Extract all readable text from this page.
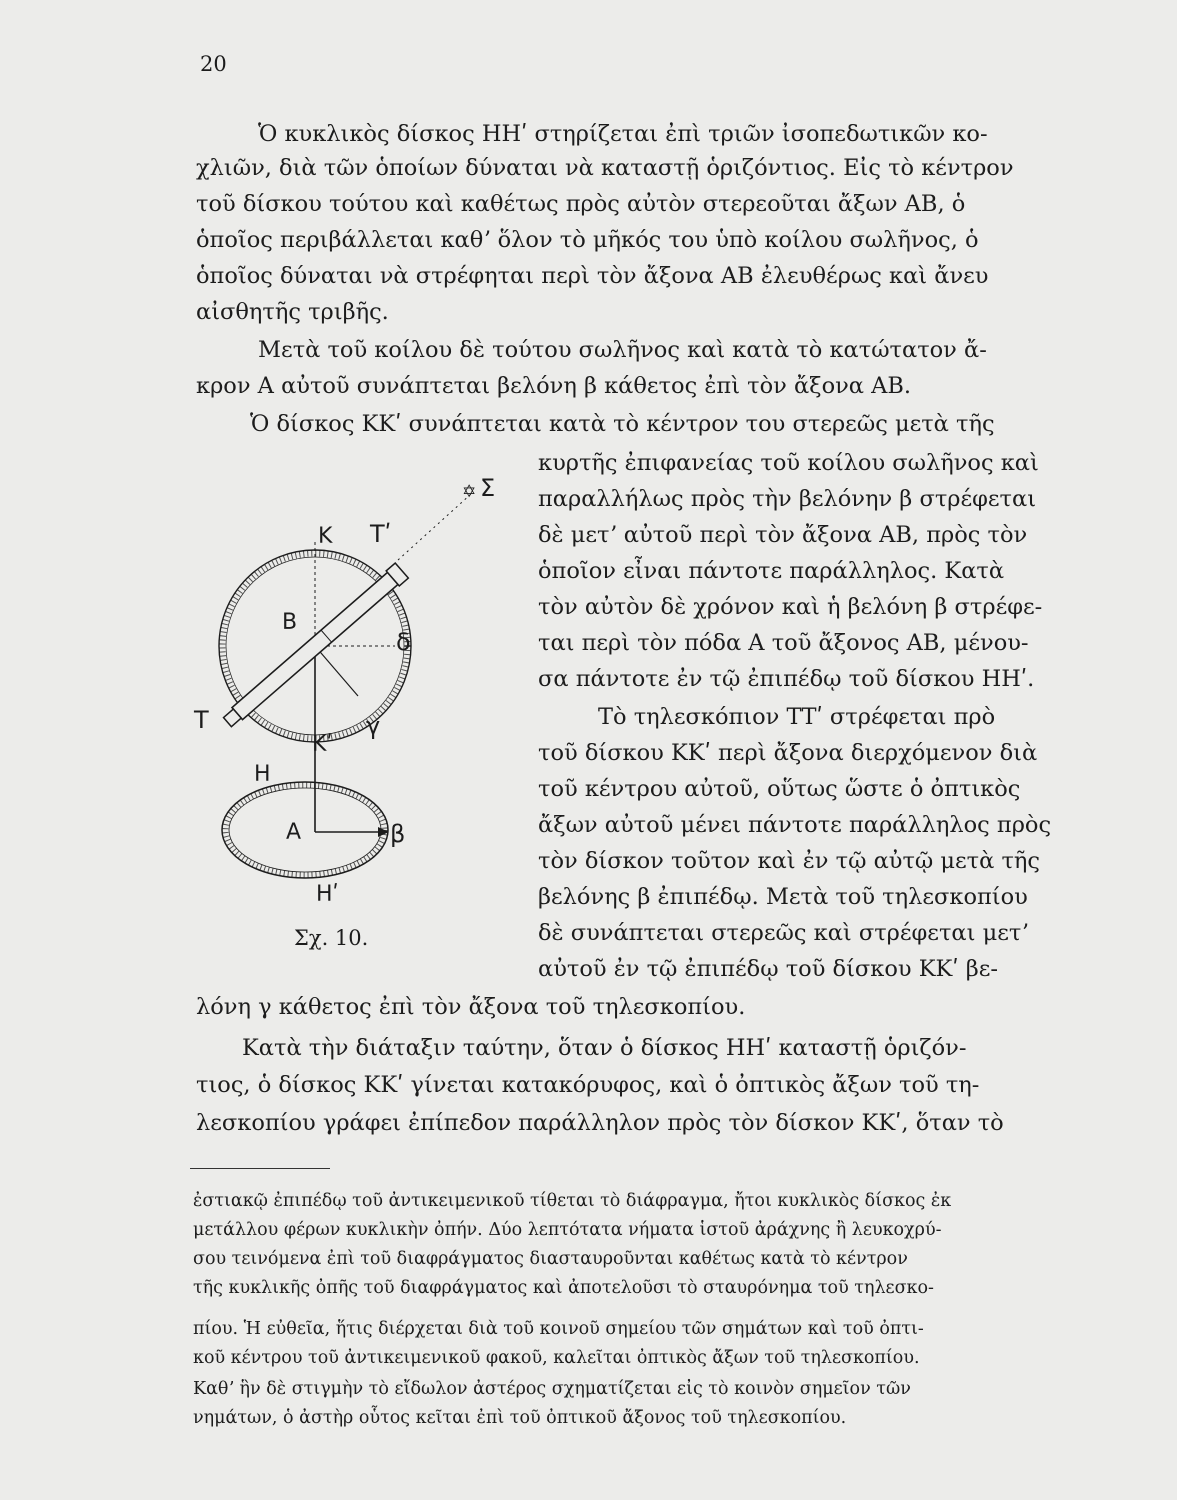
20
Ὁ κυκλικὸς δίσκος ΗΗʹ στηρίζεται ἐπὶ τριῶν ἰσοπεδωτικῶν κο-
χλιῶν, διὰ τῶν ὁποίων δύναται νὰ καταστῇ ὁριζόντιος. Εἰς τὸ κέντρον
τοῦ δίσκου τούτου καὶ καθέτως πρὸς αὐτὸν στερεοῦται ἄξων ΑΒ, ὁ
ὁποῖος περιβάλλεται καθʼ ὅλον τὸ μῆκός του ὑπὸ κοίλου σωλῆνος, ὁ
ὁποῖος δύναται νὰ στρέφηται περὶ τὸν ἄξονα ΑΒ ἐλευθέρως καὶ ἄνευ
αἰσθητῆς τριβῆς.
Μετὰ τοῦ κοίλου δὲ τούτου σωλῆνος καὶ κατὰ τὸ κατώτατον ἄ-
κρον Α αὐτοῦ συνάπτεται βελόνη β κάθετος ἐπὶ τὸν ἄξονα ΑΒ.
Ὁ δίσκος ΚΚʹ συνάπτεται κατὰ τὸ κέντρον του στερεῶς μετὰ τῆς
κυρτῆς ἐπιφανείας τοῦ κοίλου σωλῆνος καὶ
παραλλήλως πρὸς τὴν βελόνην β στρέφεται
δὲ μετʼ αὐτοῦ περὶ τὸν ἄξονα ΑΒ, πρὸς τὸν
ὁποῖον εἶναι πάντοτε παράλληλος. Κατὰ
τὸν αὐτὸν δὲ χρόνον καὶ ἡ βελόνη β στρέφε-
ται περὶ τὸν πόδα Α τοῦ ἄξονος ΑΒ, μένου-
σα πάντοτε ἐν τῷ ἐπιπέδῳ τοῦ δίσκου ΗΗʹ.
Τὸ τηλεσκόπιον ΤΤʹ στρέφεται πρὸ
τοῦ δίσκου ΚΚʹ περὶ ἄξονα διερχόμενον διὰ
τοῦ κέντρου αὐτοῦ, οὕτως ὥστε ὁ ὀπτικὸς
ἄξων αὐτοῦ μένει πάντοτε παράλληλος πρὸς
τὸν δίσκον τοῦτον καὶ ἐν τῷ αὐτῷ μετὰ τῆς
βελόνης β ἐπιπέδῳ. Μετὰ τοῦ τηλεσκοπίου
δὲ συνάπτεται στερεῶς καὶ στρέφεται μετʼ
αὐτοῦ ἐν τῷ ἐπιπέδῳ τοῦ δίσκου ΚΚʹ βε-
λόνη γ κάθετος ἐπὶ τὸν ἄξονα τοῦ τηλεσκοπίου.
Κατὰ τὴν διάταξιν ταύτην, ὅταν ὁ δίσκος ΗΗʹ καταστῇ ὁριζόν-
τιος, ὁ δίσκος ΚΚʹ γίνεται κατακόρυφος, καὶ ὁ ὀπτικὸς ἄξων τοῦ τη-
λεσκοπίου γράφει ἐπίπεδον παράλληλον πρὸς τὸν δίσκον ΚΚʹ, ὅταν τὸ
✡ Σ
Κ Τʹ
Β
δ
Τ	γ
Κʹ
Η
Α	β
Ηʹ
Σχ. 10.
ἐστιακῷ ἐπιπέδῳ τοῦ ἀντικειμενικοῦ τίθεται τὸ διάφραγμα, ἤτοι κυκλικὸς δίσκος ἐκ
μετάλλου φέρων κυκλικὴν ὀπήν. Δύο λεπτότατα νήματα ἱστοῦ ἀράχνης ἢ λευκοχρύ-
σου τεινόμενα ἐπὶ τοῦ διαφράγματος διασταυροῦνται καθέτως κατὰ τὸ κέντρον
τῆς κυκλικῆς ὀπῆς τοῦ διαφράγματος καὶ ἀποτελοῦσι τὸ σταυρόνημα τοῦ τηλεσκο-
πίου. Ἡ εὐθεῖα, ἥτις διέρχεται διὰ τοῦ κοινοῦ σημείου τῶν σημάτων καὶ τοῦ ὀπτι-
κοῦ κέντρου τοῦ ἀντικειμενικοῦ φακοῦ, καλεῖται ὀπτικὸς ἄξων τοῦ τηλεσκοπίου.
Καθʼ ἣν δὲ στιγμὴν τὸ εἴδωλον ἀστέρος σχηματίζεται εἰς τὸ κοινὸν σημεῖον τῶν
νημάτων, ὁ ἀστὴρ οὗτος κεῖται ἐπὶ τοῦ ὀπτικοῦ ἄξονος τοῦ τηλεσκοπίου.
